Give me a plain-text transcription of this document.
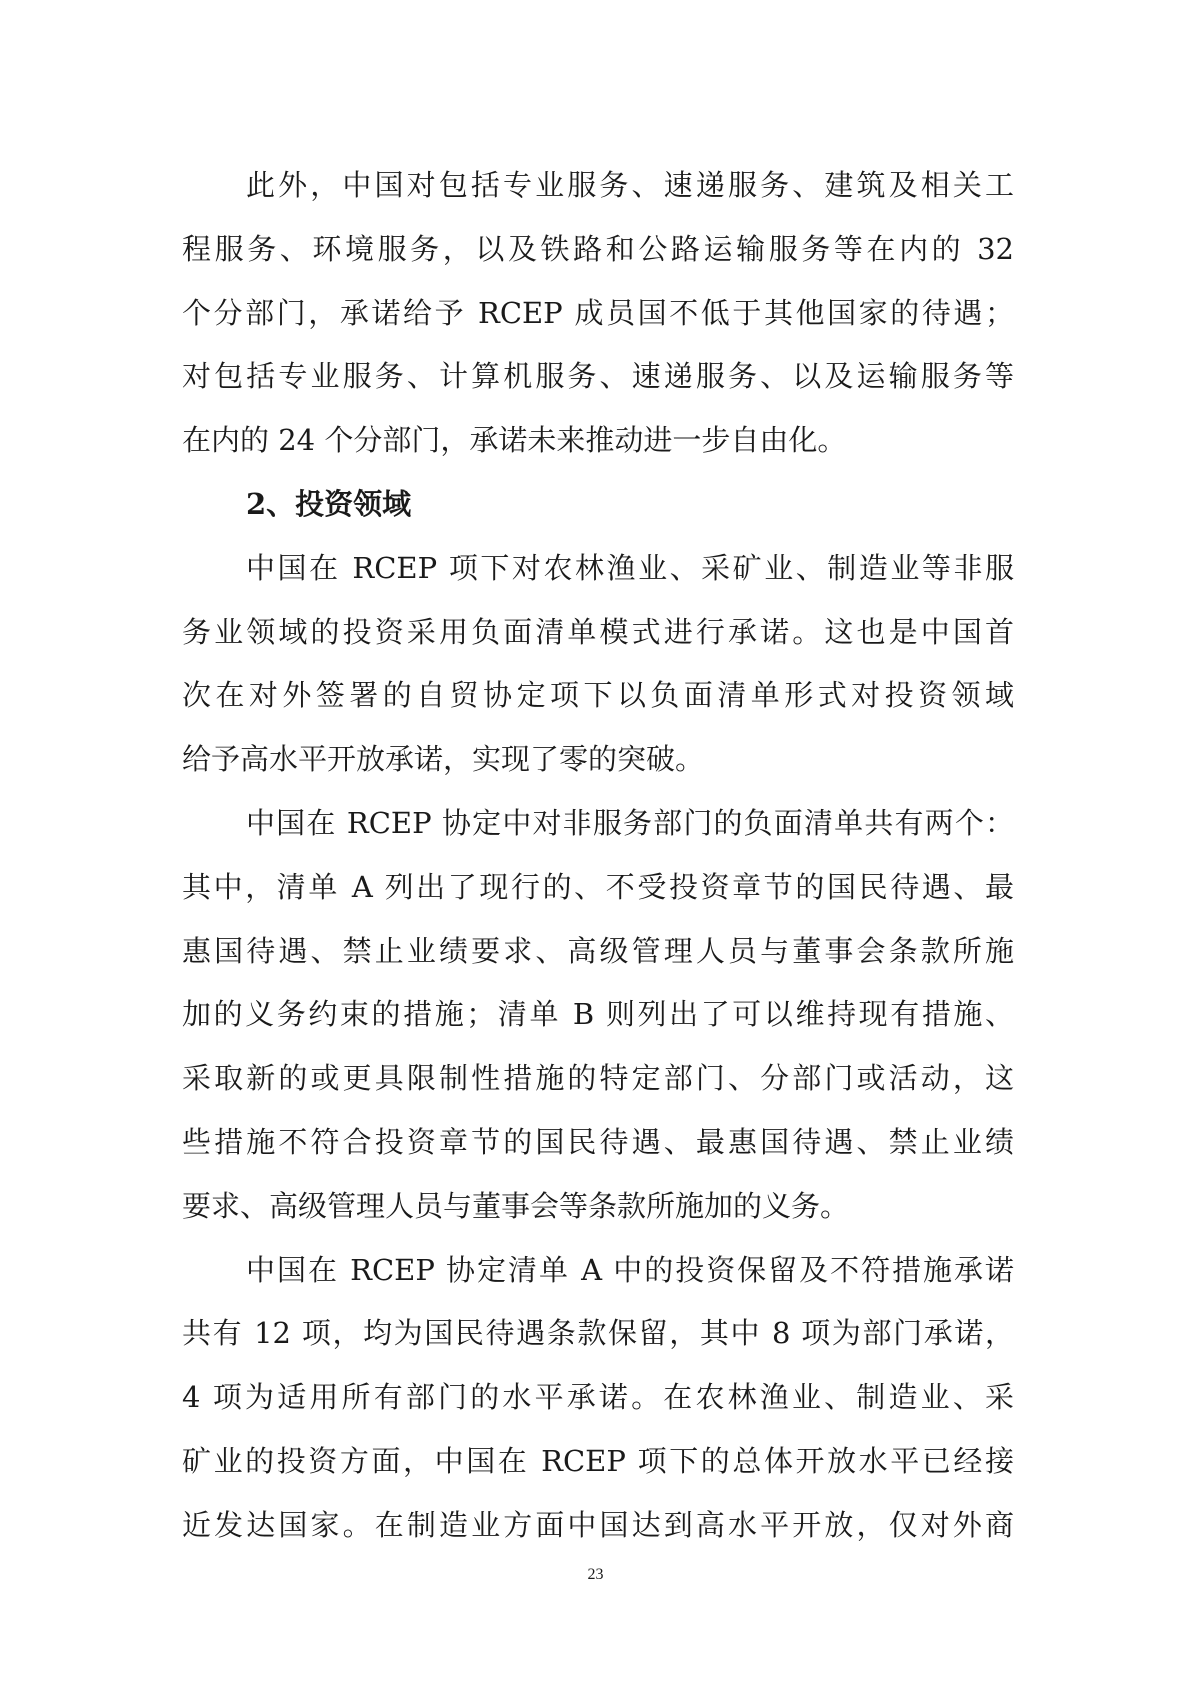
此外，中国对包括专业服务、速递服务、建筑及相关工
程服务、环境服务，以及铁路和公路运输服务等在内的 32
个分部门，承诺给予 RCEP 成员国不低于其他国家的待遇；
对包括专业服务、计算机服务、速递服务、以及运输服务等
在内的 24 个分部门，承诺未来推动进一步自由化。
2、投资领域
中国在 RCEP 项下对农林渔业、采矿业、制造业等非服
务业领域的投资采用负面清单模式进行承诺。这也是中国首
次在对外签署的自贸协定项下以负面清单形式对投资领域
给予高水平开放承诺，实现了零的突破。
中国在 RCEP 协定中对非服务部门的负面清单共有两个：
其中，清单 A 列出了现行的、不受投资章节的国民待遇、最
惠国待遇、禁止业绩要求、高级管理人员与董事会条款所施
加的义务约束的措施；清单 B 则列出了可以维持现有措施、
采取新的或更具限制性措施的特定部门、分部门或活动，这
些措施不符合投资章节的国民待遇、最惠国待遇、禁止业绩
要求、高级管理人员与董事会等条款所施加的义务。
中国在 RCEP 协定清单 A 中的投资保留及不符措施承诺
共有 12 项，均为国民待遇条款保留，其中 8 项为部门承诺，
4 项为适用所有部门的水平承诺。在农林渔业、制造业、采
矿业的投资方面，中国在 RCEP 项下的总体开放水平已经接
近发达国家。在制造业方面中国达到高水平开放，仅对外商
23
